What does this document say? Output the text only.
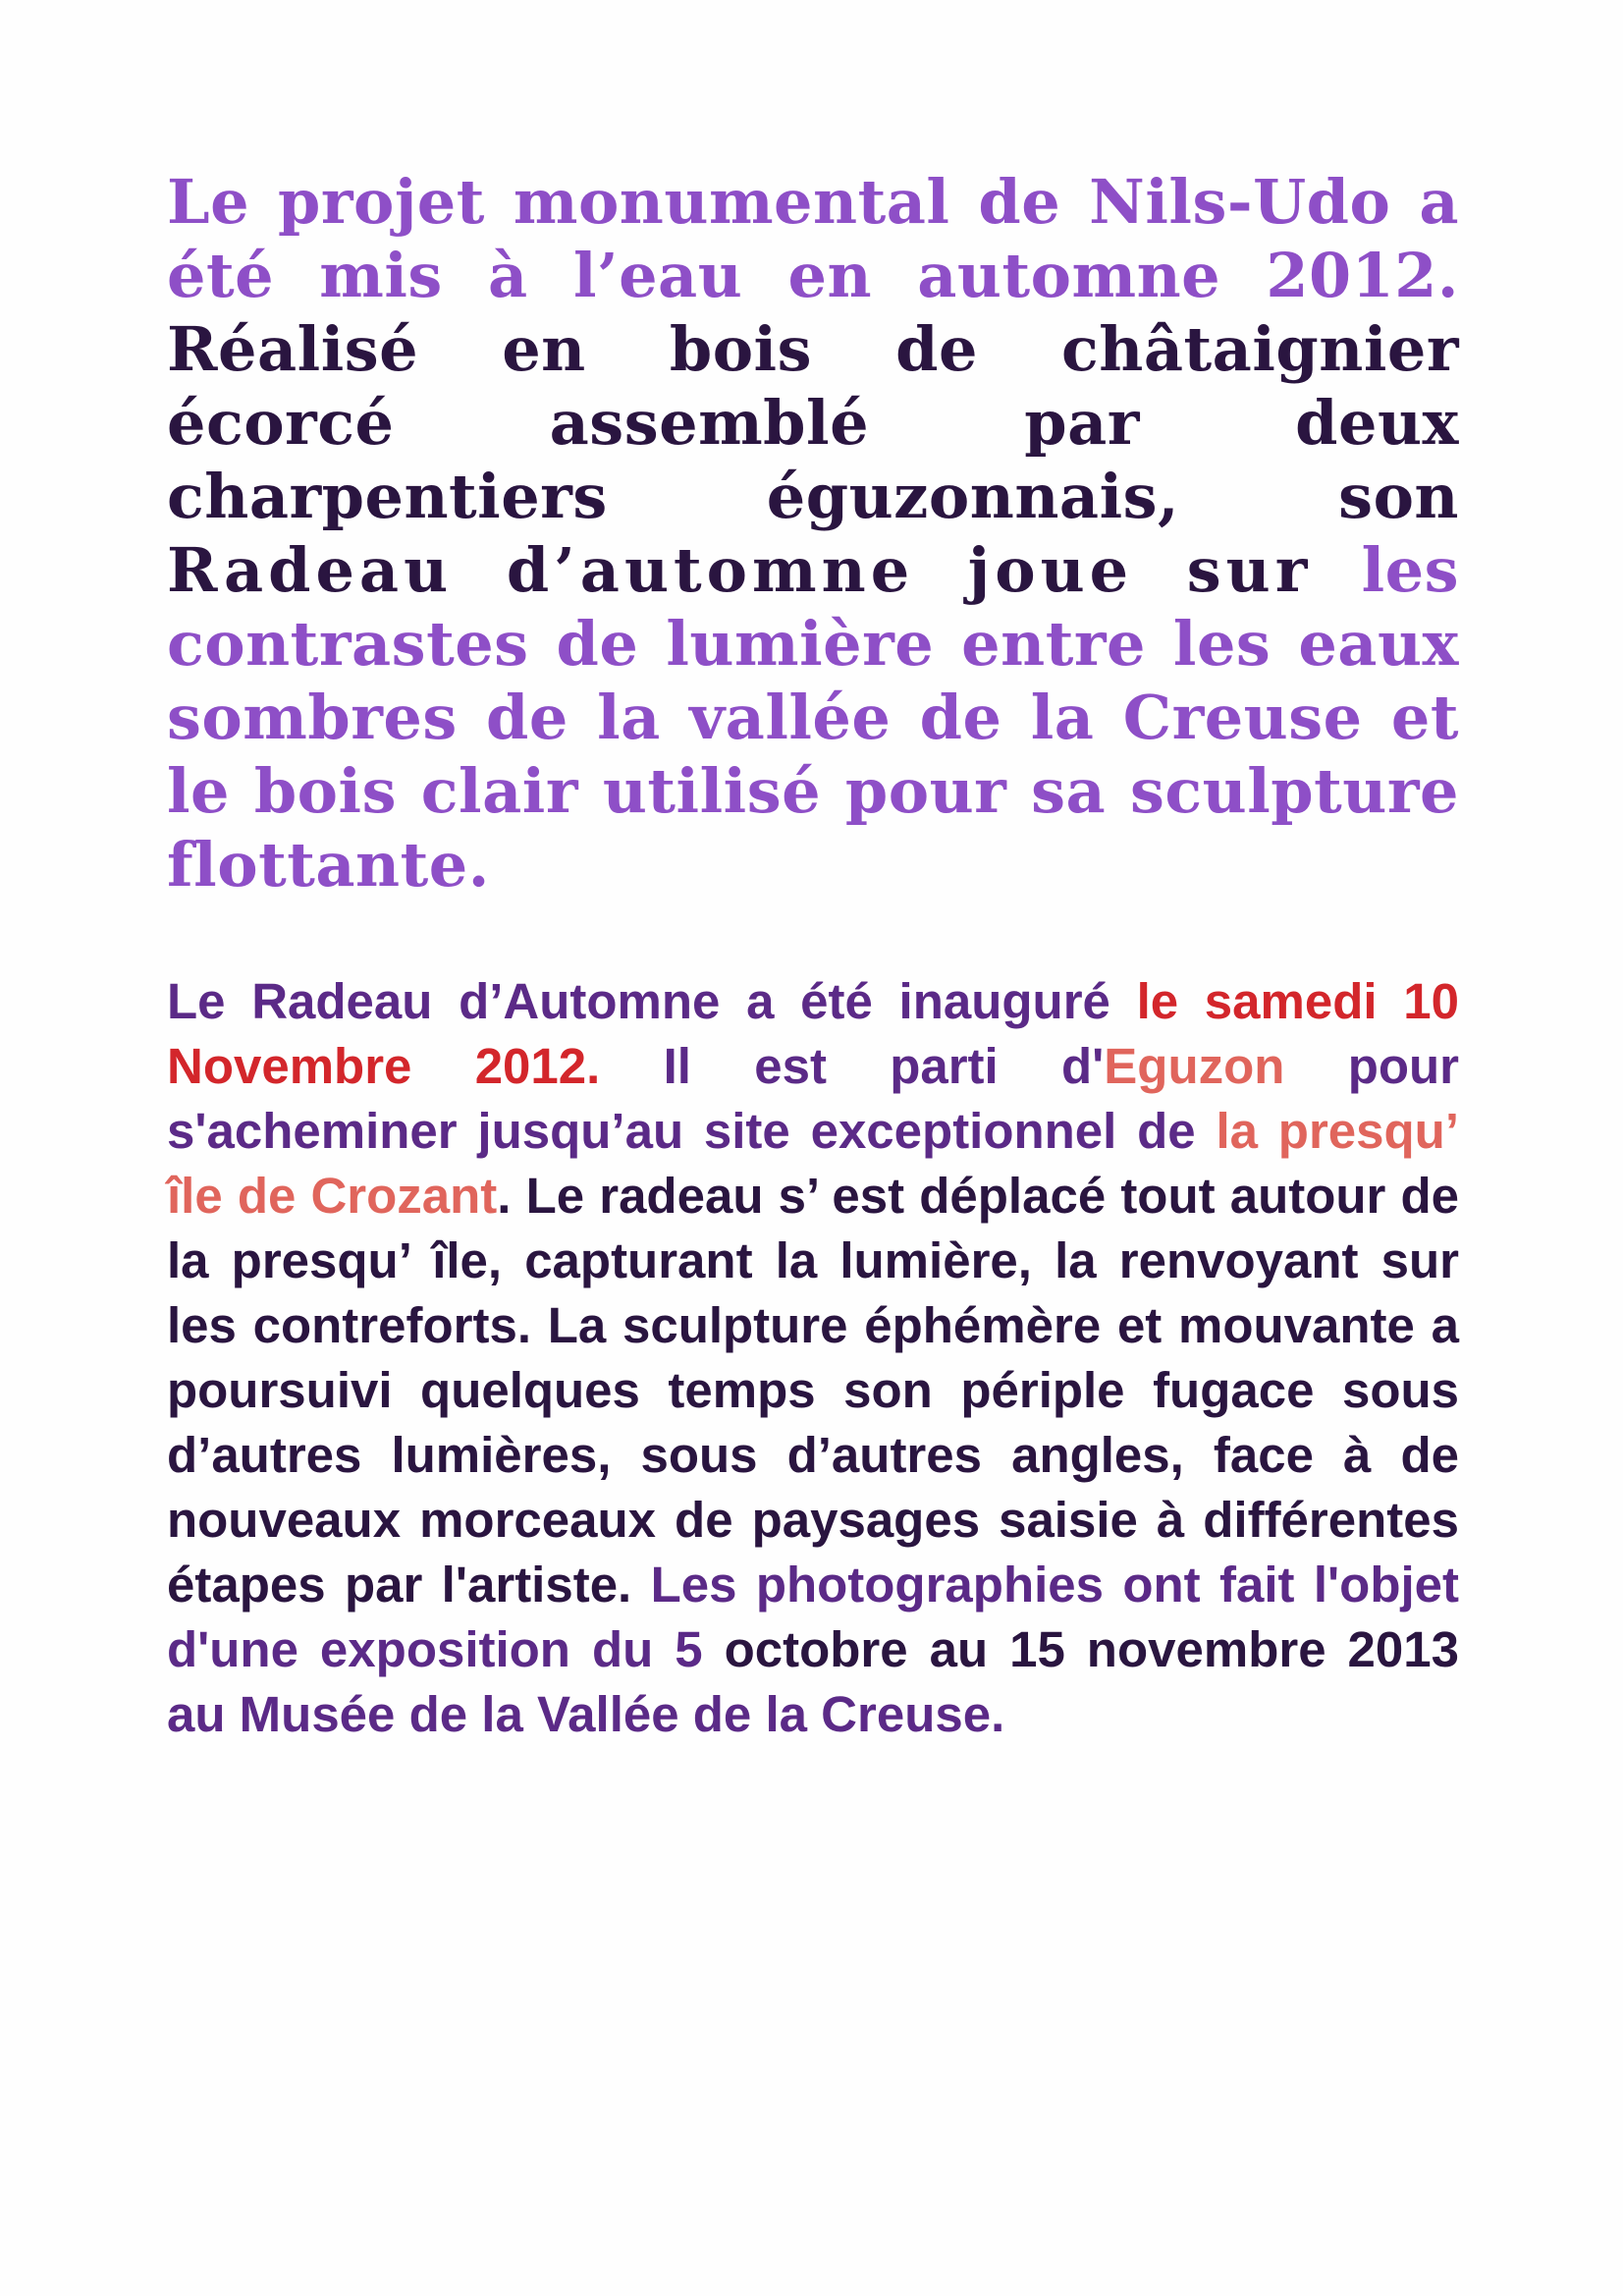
Le projet monumental de Nils-Udo a été mis à l’eau en automne 2012. Réalisé en bois de châtaignier écorcé assemblé par deux charpentiers éguzonnais, son Radeau d’automne joue sur les contrastes de lumière entre les eaux sombres de la vallée de la Creuse et le bois clair utilisé pour sa sculpture flottante.

Le Radeau d’Automne a été inauguré le samedi 10 Novembre 2012. Il est parti d'Eguzon pour s'acheminer jusqu’au site exceptionnel de la presqu’ île de Crozant. Le radeau s’ est déplacé tout autour de la presqu’ île, capturant la lumière, la renvoyant sur les contreforts. La sculpture éphémère et mouvante a poursuivi quelques temps son périple fugace sous d’autres lumières, sous d’autres angles, face à de nouveaux morceaux de paysages saisie à différentes étapes par l'artiste. Les photographies ont fait l'objet d'une exposition du 5 octobre au 15 novembre 2013 au Musée de la Vallée de la Creuse.
